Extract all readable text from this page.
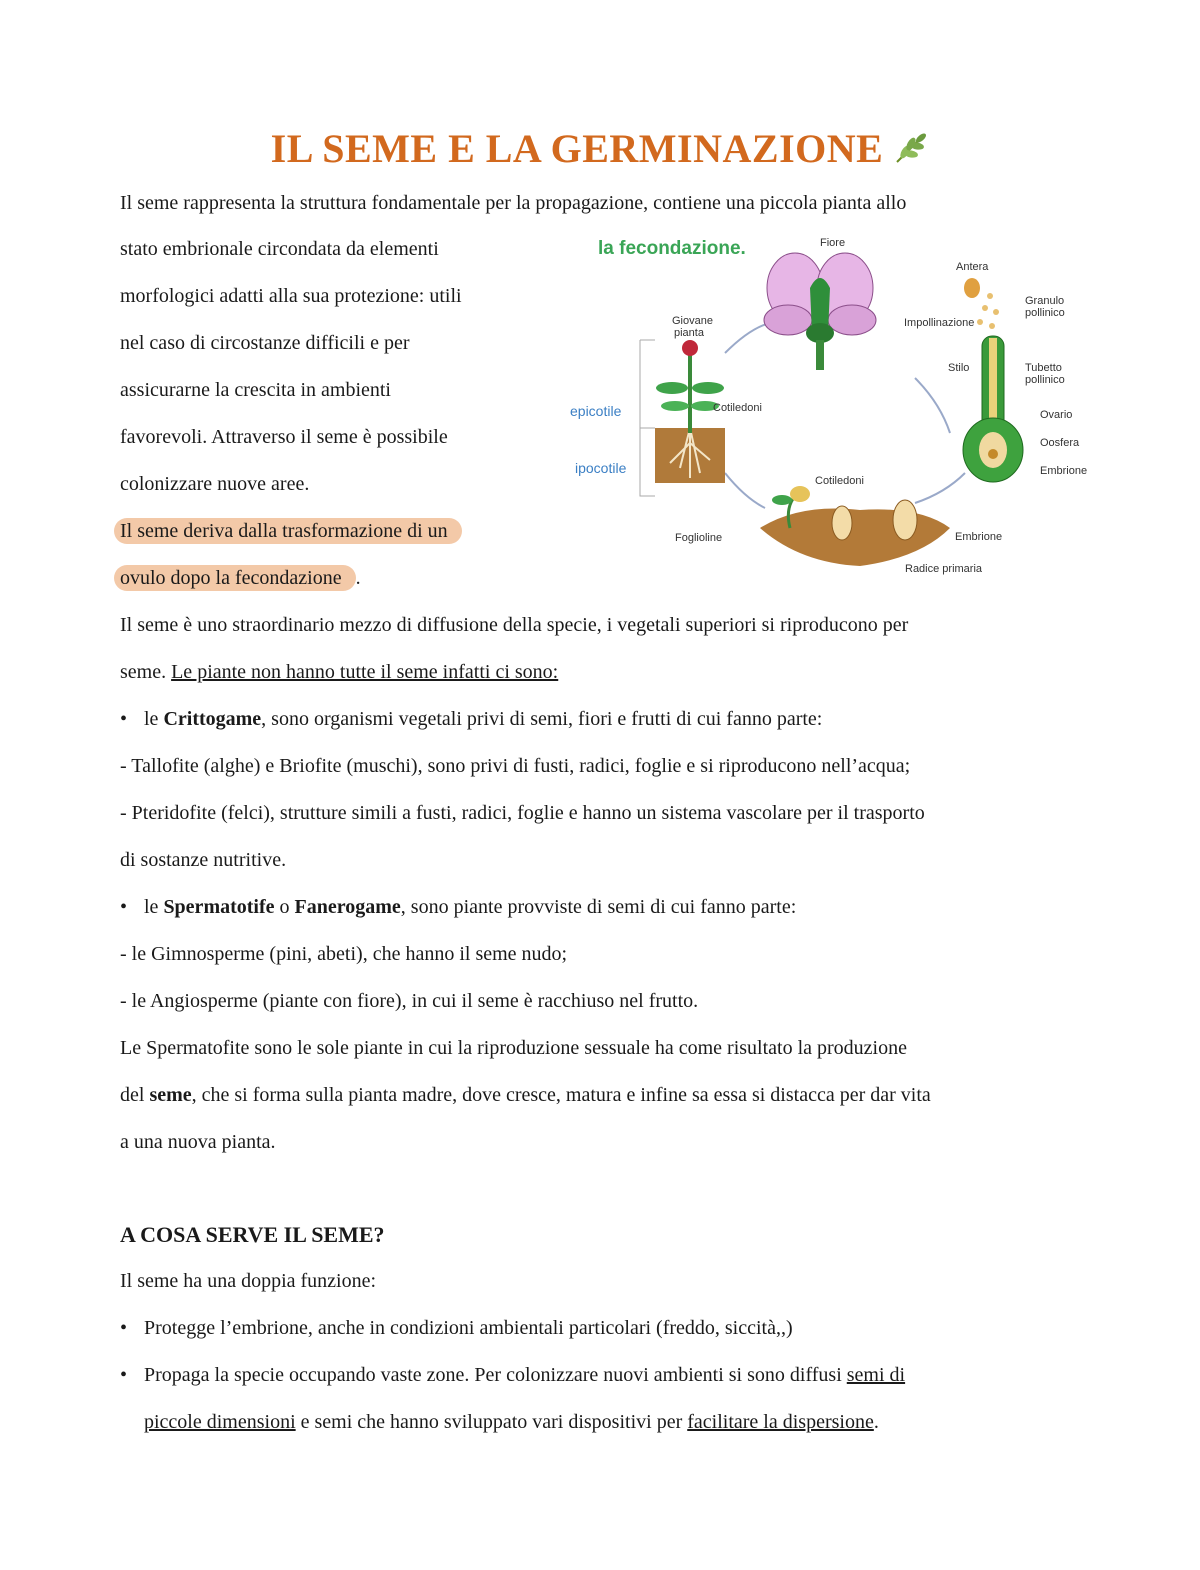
IL SEME E LA GERMINAZIONE
Il seme rappresenta la struttura fondamentale per la propagazione, contiene una piccola pianta allo
stato embrionale circondata da elementi
morfologici adatti alla sua protezione: utili
nel caso di circostanze difficili e per
assicurarne la crescita in ambienti
favorevoli. Attraverso il seme è possibile
colonizzare nuove aree.
Il seme deriva dalla trasformazione di un
ovulo dopo la fecondazione .
la fecondazione.	Fiore
Antera
Granulo
pollinico
Impollinazione
Stilo	Tubetto
pollinico
Ovario
Oosfera
Embrione
Giovane
pianta
Cotiledoni
Cotiledoni
Foglioline	Embrione
Radice primaria
epicotile
ipocotile
Il seme è uno straordinario mezzo di diffusione della specie, i vegetali superiori si riproducono per
seme. Le piante non hanno tutte il seme infatti ci sono:
• le Crittogame, sono organismi vegetali privi di semi, fiori e frutti di cui fanno parte:
- Tallofite (alghe) e Briofite (muschi), sono privi di fusti, radici, foglie e si riproducono nell’acqua;
- Pteridofite (felci), strutture simili a fusti, radici, foglie e hanno un sistema vascolare per il trasporto
di sostanze nutritive.
• le Spermatotife o Fanerogame, sono piante provviste di semi di cui fanno parte:
- le Gimnosperme (pini, abeti), che hanno il seme nudo;
- le Angiosperme (piante con fiore), in cui il seme è racchiuso nel frutto.
Le Spermatofite sono le sole piante in cui la riproduzione sessuale ha come risultato la produzione
del seme, che si forma sulla pianta madre, dove cresce, matura e infine sa essa si distacca per dar vita
a una nuova pianta.
A COSA SERVE IL SEME?
Il seme ha una doppia funzione:
• Protegge l’embrione, anche in condizioni ambientali particolari (freddo, siccità,,)
• Propaga la specie occupando vaste zone. Per colonizzare nuovi ambienti si sono diffusi semi di
piccole dimensioni e semi che hanno sviluppato vari dispositivi per facilitare la dispersione.
